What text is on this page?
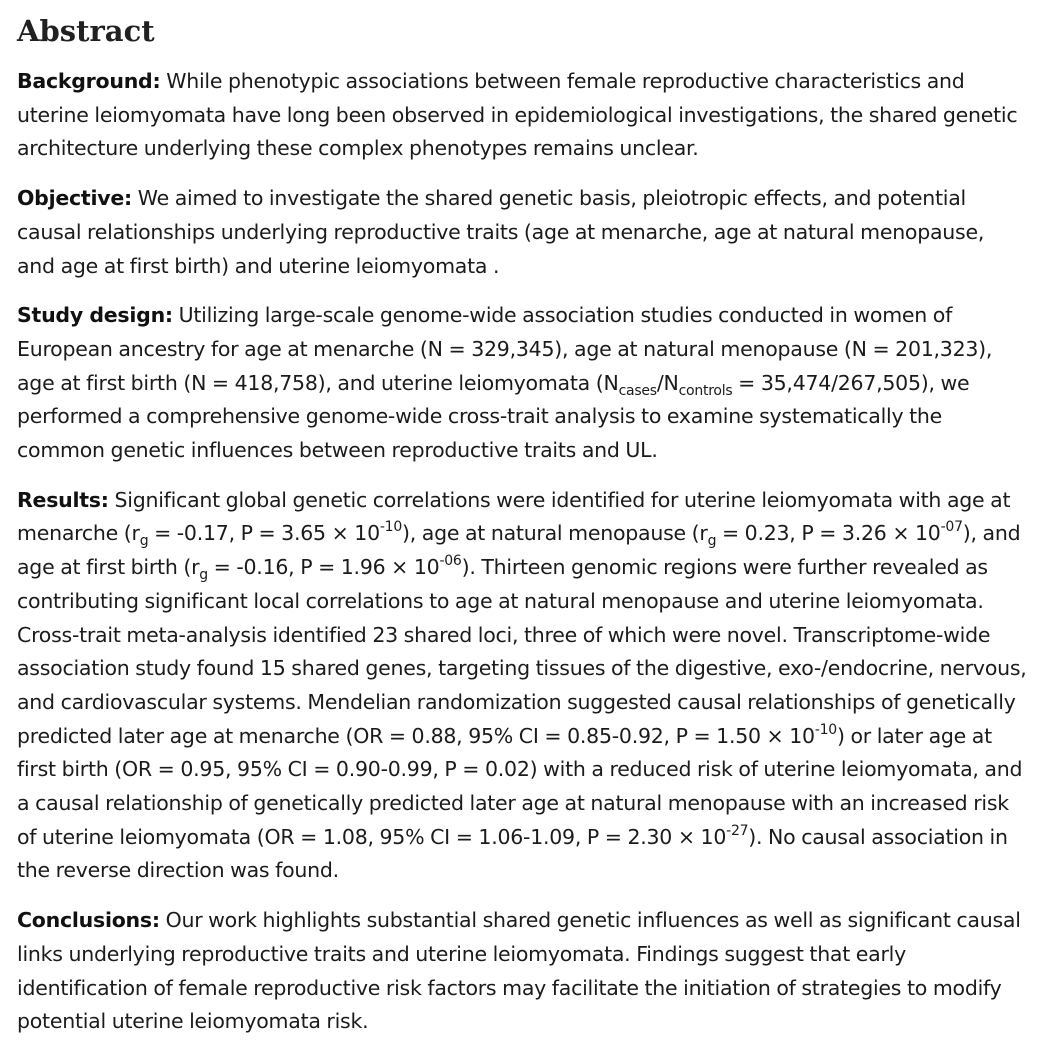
Abstract

Background: While phenotypic associations between female reproductive characteristics and uterine leiomyomata have long been observed in epidemiological investigations, the shared genetic architecture underlying these complex phenotypes remains unclear.

Objective: We aimed to investigate the shared genetic basis, pleiotropic effects, and potential causal relationships underlying reproductive traits (age at menarche, age at natural menopause, and age at first birth) and uterine leiomyomata .

Study design: Utilizing large-scale genome-wide association studies conducted in women of European ancestry for age at menarche (N = 329,345), age at natural menopause (N = 201,323), age at first birth (N = 418,758), and uterine leiomyomata $(N_{cases}/N_{controls} = 35,474/267,505)$, we performed a comprehensive genome-wide cross-trait analysis to examine systematically the common genetic influences between reproductive traits and UL.

Results: Significant global genetic correlations were identified for uterine leiomyomata with age at menarche ($r_g = -0.17$, $P = 3.65 \times 10^{-10}$), age at natural menopause ($r_g = 0.23$, $P = 3.26 \times 10^{-07}$), and age at first birth ($r_g = -0.16$, $P = 1.96 \times 10^{-06}$). Thirteen genomic regions were further revealed as contributing significant local correlations to age at natural menopause and uterine leiomyomata. Cross-trait meta-analysis identified 23 shared loci, three of which were novel. Transcriptome-wide association study found 15 shared genes, targeting tissues of the digestive, exo-/endocrine, nervous, and cardiovascular systems. Mendelian randomization suggested causal relationships of genetically predicted later age at menarche (OR = 0.88, 95% CI = 0.85-0.92, $P = 1.50 \times 10^{-10}$) or later age at first birth (OR = 0.95, 95% CI = 0.90-0.99, P = 0.02) with a reduced risk of uterine leiomyomata, and a causal relationship of genetically predicted later age at natural menopause with an increased risk of uterine leiomyomata (OR = 1.08, 95% CI = 1.06-1.09, $P = 2.30 \times 10^{-27}$). No causal association in the reverse direction was found.

Conclusions: Our work highlights substantial shared genetic influences as well as significant causal links underlying reproductive traits and uterine leiomyomata. Findings suggest that early identification of female reproductive risk factors may facilitate the initiation of strategies to modify potential uterine leiomyomata risk.
